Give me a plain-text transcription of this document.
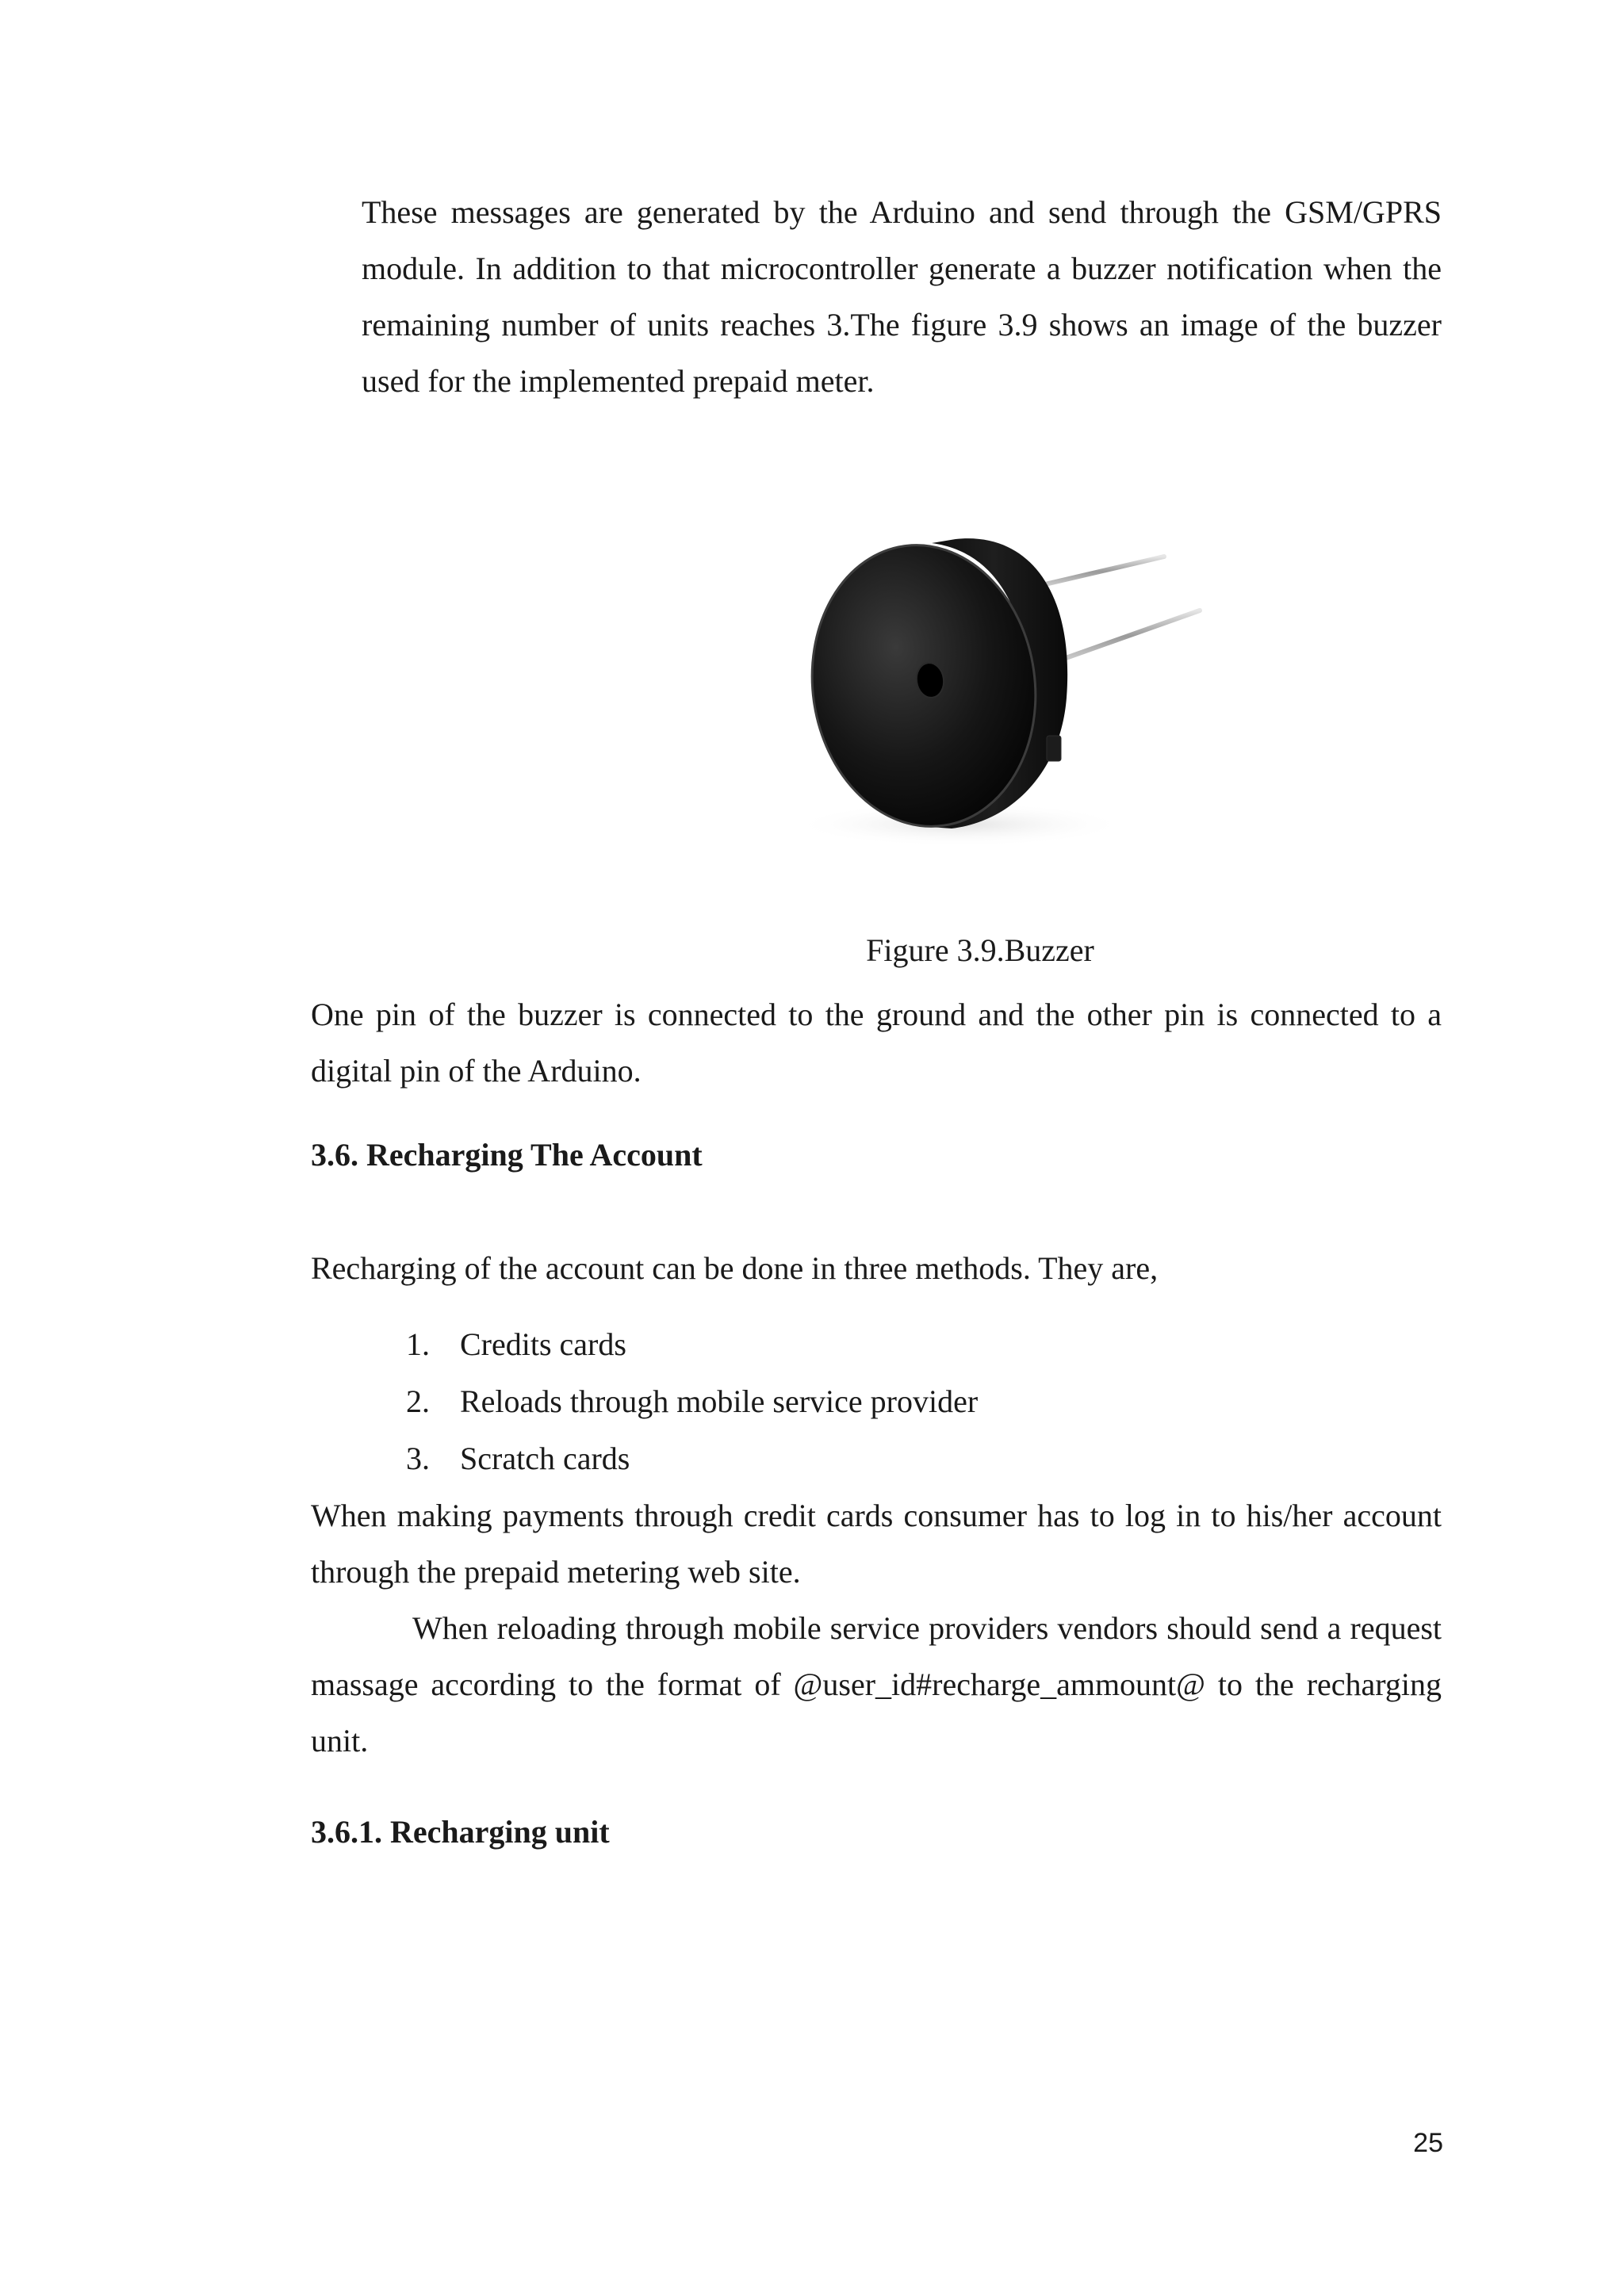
These messages are generated by the Arduino and send through the GSM/GPRS module. In addition to that microcontroller generate a buzzer notification when the remaining number of units reaches 3.The figure 3.9 shows an image of the buzzer used for the implemented prepaid meter.

Figure 3.9.Buzzer

One pin of the buzzer is connected to the ground and the other pin is connected to a digital pin of the Arduino.

3.6. Recharging The Account

Recharging of the account can be done in three methods. They are,

1. Credits cards
2. Reloads through mobile service provider
3. Scratch cards

When making payments through credit cards consumer has to log in to his/her account through the prepaid metering web site.

When reloading through mobile service providers vendors should send a request massage according to the format of @user_id#recharge_ammount@ to the recharging unit.

3.6.1. Recharging unit
25
